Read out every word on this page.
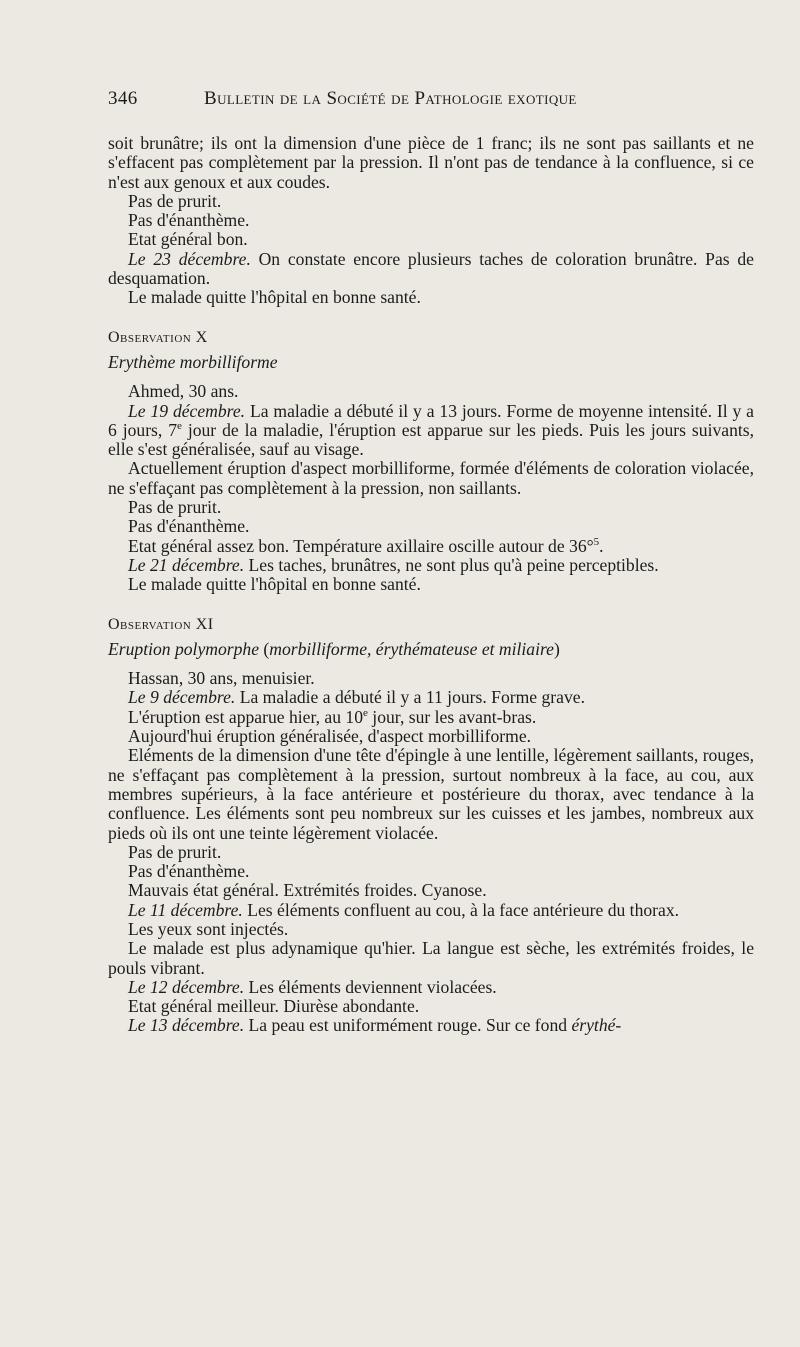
346	Bulletin de la Société de Pathologie exotique

soit brunâtre; ils ont la dimension d'une pièce de 1 franc; ils ne sont pas saillants et ne s'effacent pas complètement par la pression. Il n'ont pas de tendance à la confluence, si ce n'est aux genoux et aux coudes.

Pas de prurit.

Pas d'énanthème.

Etat général bon.

Le 23 décembre. On constate encore plusieurs taches de coloration brunâtre. Pas de desquamation.

Le malade quitte l'hôpital en bonne santé.

Observation X

Erythème morbilliforme

Ahmed, 30 ans.

Le 19 décembre. La maladie a débuté il y a 13 jours. Forme de moyenne intensité. Il y a 6 jours, 7e jour de la maladie, l'éruption est apparue sur les pieds. Puis les jours suivants, elle s'est généralisée, sauf au visage.

Actuellement éruption d'aspect morbilliforme, formée d'éléments de coloration violacée, ne s'effaçant pas complètement à la pression, non saillants.

Pas de prurit.

Pas d'énanthème.

Etat général assez bon. Température axillaire oscille autour de 36°$^5$.

Le 21 décembre. Les taches, brunâtres, ne sont plus qu'à peine perceptibles.

Le malade quitte l'hôpital en bonne santé.

Observation XI

Eruption polymorphe (morbilliforme, érythémateuse et miliaire)

Hassan, 30 ans, menuisier.

Le 9 décembre. La maladie a débuté il y a 11 jours. Forme grave.

L'éruption est apparue hier, au 10e jour, sur les avant-bras.

Aujourd'hui éruption généralisée, d'aspect morbilliforme.

Eléments de la dimension d'une tête d'épingle à une lentille, légèrement saillants, rouges, ne s'effaçant pas complètement à la pression, surtout nombreux à la face, au cou, aux membres supérieurs, à la face antérieure et postérieure du thorax, avec tendance à la confluence. Les éléments sont peu nombreux sur les cuisses et les jambes, nombreux aux pieds où ils ont une teinte légèrement violacée.

Pas de prurit.

Pas d'énanthème.

Mauvais état général. Extrémités froides. Cyanose.

Le 11 décembre. Les éléments confluent au cou, à la face antérieure du thorax.

Les yeux sont injectés.

Le malade est plus adynamique qu'hier. La langue est sèche, les extrémités froides, le pouls vibrant.

Le 12 décembre. Les éléments deviennent violacées.

Etat général meilleur. Diurèse abondante.

Le 13 décembre. La peau est uniformément rouge. Sur ce fond érythé-
